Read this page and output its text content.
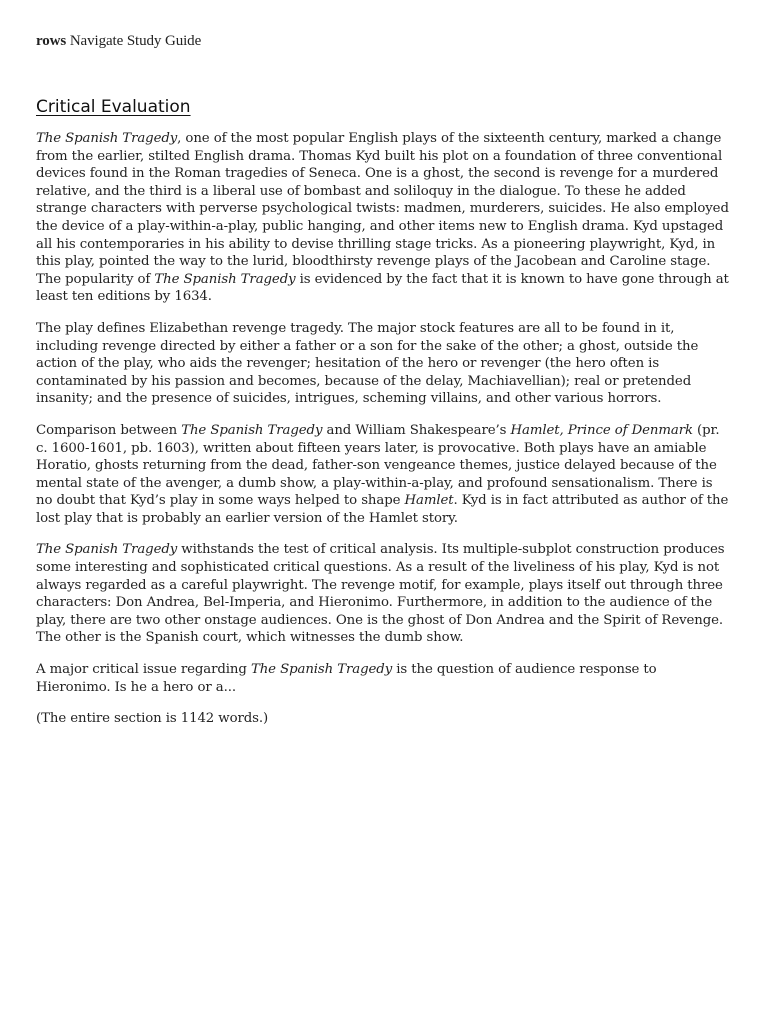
rows Navigate Study Guide

Critical Evaluation

The Spanish Tragedy, one of the most popular English plays of the sixteenth century, marked a change from the earlier, stilted English drama. Thomas Kyd built his plot on a foundation of three conventional devices found in the Roman tragedies of Seneca. One is a ghost, the second is revenge for a murdered relative, and the third is a liberal use of bombast and soliloquy in the dialogue. To these he added strange characters with perverse psychological twists: madmen, murderers, suicides. He also employed the device of a play-within-a-play, public hanging, and other items new to English drama. Kyd upstaged all his contemporaries in his ability to devise thrilling stage tricks. As a pioneering playwright, Kyd, in this play, pointed the way to the lurid, bloodthirsty revenge plays of the Jacobean and Caroline stage. The popularity of The Spanish Tragedy is evidenced by the fact that it is known to have gone through at least ten editions by 1634.

The play defines Elizabethan revenge tragedy. The major stock features are all to be found in it, including revenge directed by either a father or a son for the sake of the other; a ghost, outside the action of the play, who aids the revenger; hesitation of the hero or revenger (the hero often is contaminated by his passion and becomes, because of the delay, Machiavellian); real or pretended insanity; and the presence of suicides, intrigues, scheming villains, and other various horrors.

Comparison between The Spanish Tragedy and William Shakespeare’s Hamlet, Prince of Denmark (pr. c. 1600-1601, pb. 1603), written about fifteen years later, is provocative. Both plays have an amiable Horatio, ghosts returning from the dead, father-son vengeance themes, justice delayed because of the mental state of the avenger, a dumb show, a play-within-a-play, and profound sensationalism. There is no doubt that Kyd’s play in some ways helped to shape Hamlet. Kyd is in fact attributed as author of the lost play that is probably an earlier version of the Hamlet story.

The Spanish Tragedy withstands the test of critical analysis. Its multiple-subplot construction produces some interesting and sophisticated critical questions. As a result of the liveliness of his play, Kyd is not always regarded as a careful playwright. The revenge motif, for example, plays itself out through three characters: Don Andrea, Bel-Imperia, and Hieronimo. Furthermore, in addition to the audience of the play, there are two other onstage audiences. One is the ghost of Don Andrea and the Spirit of Revenge. The other is the Spanish court, which witnesses the dumb show.

A major critical issue regarding The Spanish Tragedy is the question of audience response to Hieronimo. Is he a hero or a...

(The entire section is 1142 words.)
